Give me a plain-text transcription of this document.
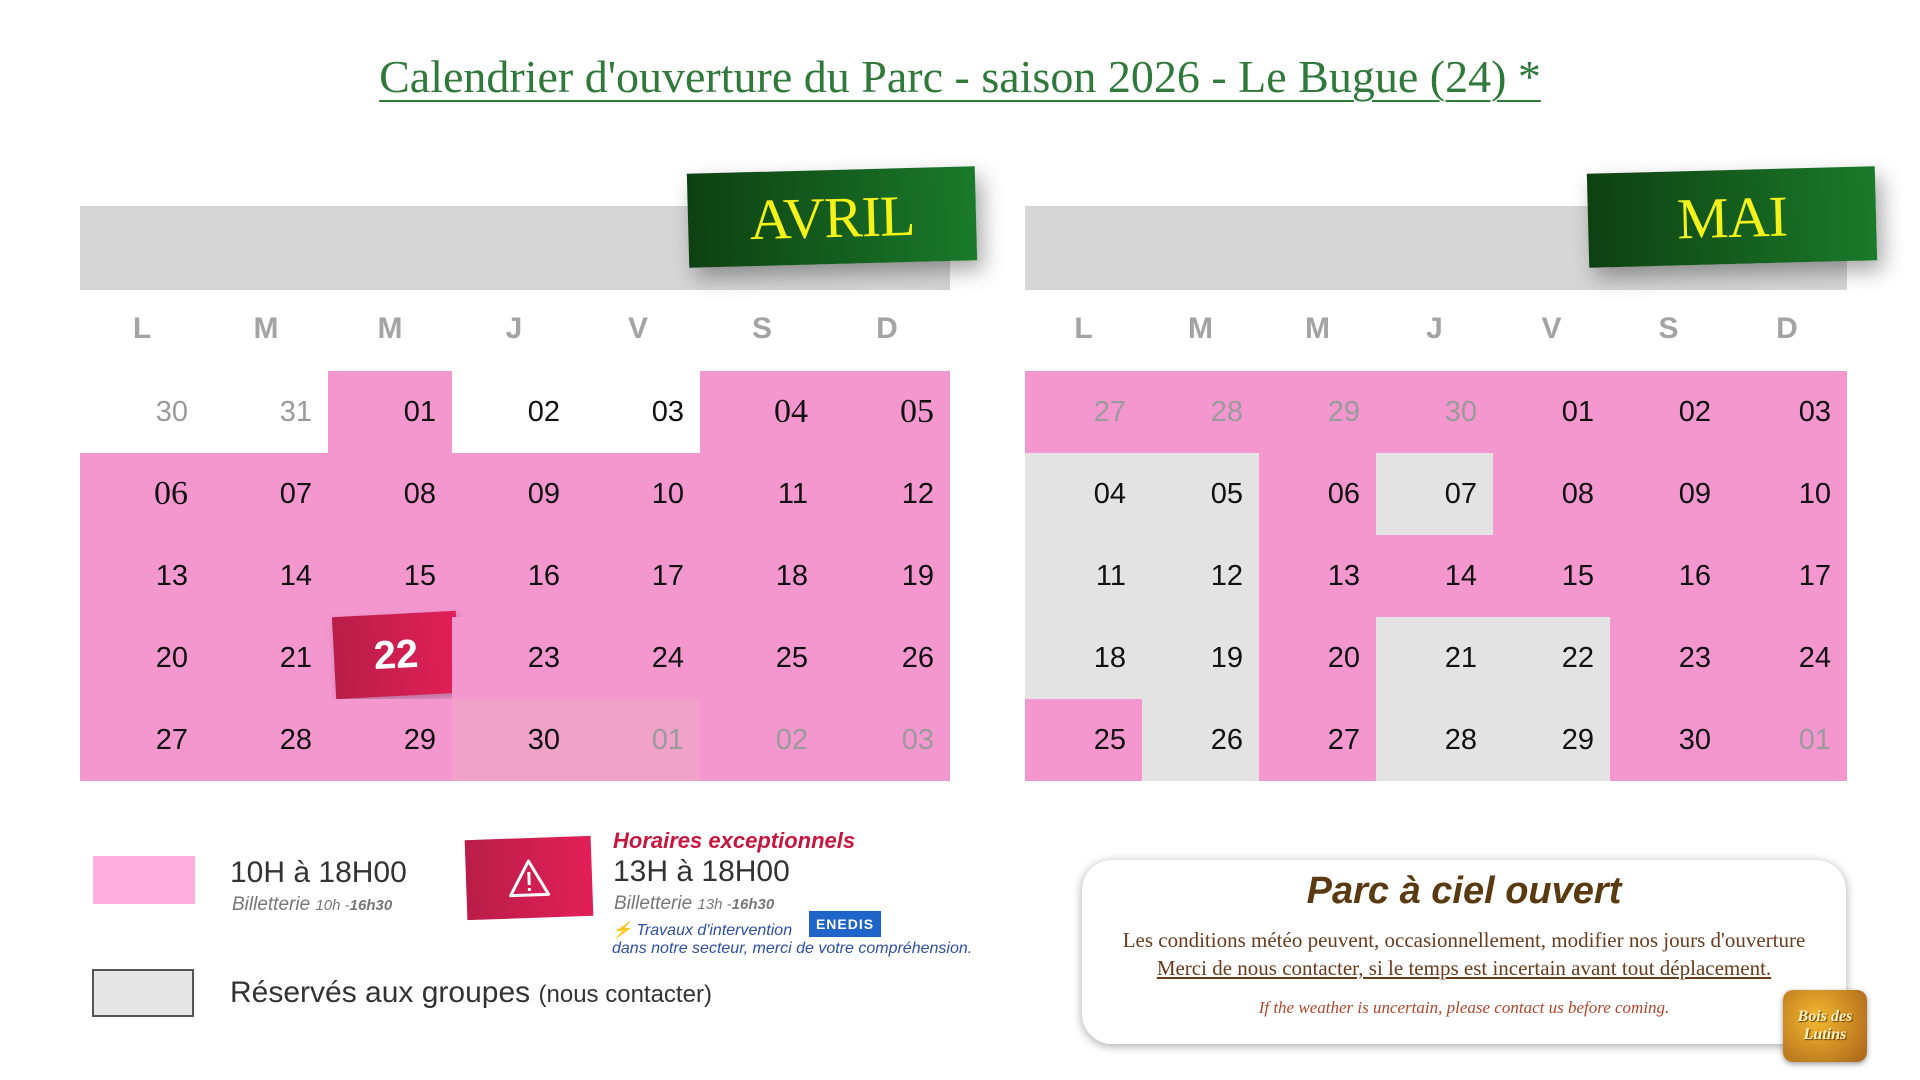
Calendrier d'ouverture du Parc - saison 2026 - Le Bugue (24) *
AVRIL
L	M	M	J	V	S	D
30	31	01	02	03	04	05
06	07	08	09	10	11	12
13	14	15	16	17	18	19
20	21	22	23	24	25	26
27	28	29	30	01	02	03
MAI
L	M	M	J	V	S	D
27	28	29	30	01	02	03
04	05	06	07	08	09	10
11	12	13	14	15	16	17
18	19	20	21	22	23	24
25	26	27	28	29	30	01
10H à 18H00
Billetterie 10h -16h30
Horaires exceptionnels
13H à 18H00
Billetterie 13h -16h30
⚡ Travaux d'intervention	ENEDIS
dans notre secteur, merci de votre compréhension.
Réservés aux groupes (nous contacter)
Parc à ciel ouvert
Les conditions météo peuvent, occasionnellement, modifier nos jours d'ouverture
Merci de nous contacter, si le temps est incertain avant tout déplacement.
If the weather is uncertain, please contact us before coming.	Bois des Lutins
